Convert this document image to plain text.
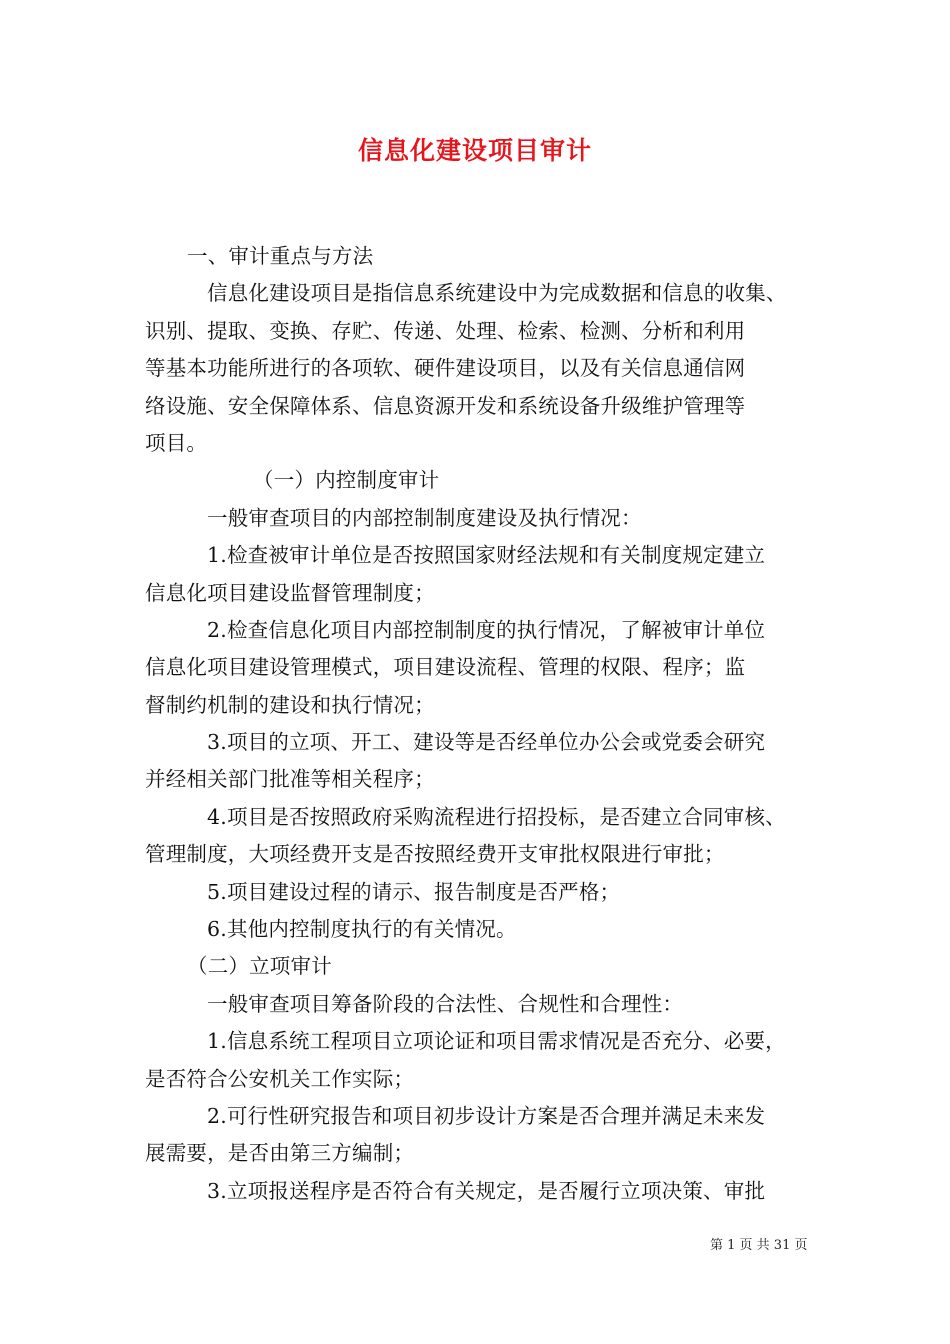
信息化建设项目审计
一、审计重点与方法
信息化建设项目是指信息系统建设中为完成数据和信息的收集、
识别、提取、变换、存贮、传递、处理、检索、检测、分析和利用
等基本功能所进行的各项软、硬件建设项目，以及有关信息通信网
络设施、安全保障体系、信息资源开发和系统设备升级维护管理等
项目。
（一）内控制度审计
一般审查项目的内部控制制度建设及执行情况：
1.检查被审计单位是否按照国家财经法规和有关制度规定建立
信息化项目建设监督管理制度；
2.检查信息化项目内部控制制度的执行情况，了解被审计单位
信息化项目建设管理模式，项目建设流程、管理的权限、程序；监
督制约机制的建设和执行情况；
3.项目的立项、开工、建设等是否经单位办公会或党委会研究
并经相关部门批准等相关程序；
4.项目是否按照政府采购流程进行招投标，是否建立合同审核、
管理制度，大项经费开支是否按照经费开支审批权限进行审批；
5.项目建设过程的请示、报告制度是否严格；
6.其他内控制度执行的有关情况。
（二）立项审计
一般审查项目筹备阶段的合法性、合规性和合理性：
1.信息系统工程项目立项论证和项目需求情况是否充分、必要，
是否符合公安机关工作实际；
2.可行性研究报告和项目初步设计方案是否合理并满足未来发
展需要，是否由第三方编制；
3.立项报送程序是否符合有关规定，是否履行立项决策、审批
第 1 页 共 31 页
